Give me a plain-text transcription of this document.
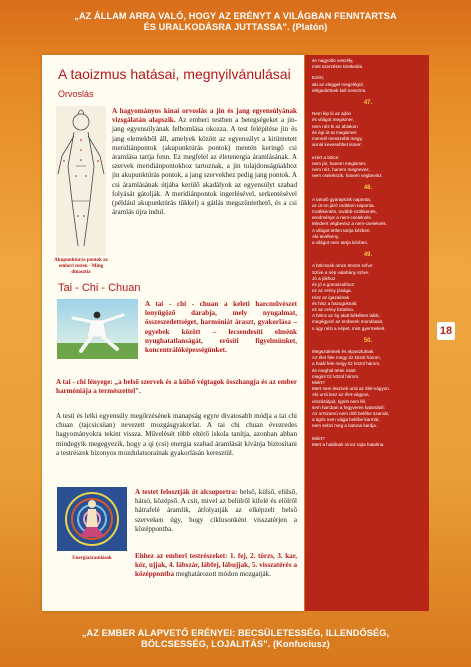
„AZ ÁLLAM ARRA VALÓ, HOGY AZ ERÉNYT A VILÁGBAN FENNTARTSA
ÉS URALKODÁSRA JUTTASSA". (Platón)
A taoizmus hatásai, megnyilvánulásai
Orvoslás
Akupunktúrás pontok az emberi testen - Ming dinasztia
A hagyományos kínai orvoslás a jin és jang egyensúlyának vizsgálatán alapszik. Az emberi testben a betegségeket a jin-jang egyensúlyának felbomlása okozza. A test felépítése jin és jang elemekből áll, amelyek között az egyensúlyt a kitüntetett meridiánpontok (akupunktúrás pontok) mentén keringő csi áramlása tartja fenn. Ez megfelel az életenergia áramlásának. A szervek meridiánpontokhoz tartoznak, a jin tulajdonságúakhoz jin akupunktúrás pontok, a jang szervekhez pedig jang pontok. A csi áramlásának útjába kerülő akadályok az egyensúlyt szabad folyását gátolják. A meridiánpontok ingerlésével, serkentésével (például akupunktúrás tűkkel) a gátlás megszüntethető, és a csi áramlás újra indul.
Tai - Chi - Chuan
A tai - chi - chuan a keleti harcművészet lenyűgöző darabja, mely nyugalmat, összeszedettséget, harmóniát áraszt, gyakorlása – egyebek között – lecsendesíti elménk nyughatatlanságát, erősíti figyelmünket, koncentrálóképességünket.
A tai - chi lényege: „a belső szervek és a külső végtagok összhangja és az ember harmóniája a természettel".
A testi és lelki egyensúly megőrzésének manapság egyre divatosabb módja a tai chi chuan (tajcsicsüan) nevezett mozgásgyakorlat. A tai chi chuan évezredes hagyományokra tekint vissza. Művelését több eltérő iskola tanítja, azonban abban mindegyik megegyezik, hogy a qi (csi) energia szabad áramlását kívánja biztosítani a testrészek bizonyos mozdulatsorainak gyakorlásán keresztül.
Energiaáramlások
A testet felosztják öt alcsoportra: belső, külső, elülső, hátsó, középső. A csit, mivel az belülről kifelé és elölről hátrafelé áramlik, átfolyatják az elképzelt belső szerveken úgy, hogy ciklusonként visszatérjen a középpontba.
Ehhez az emberi testrészeket: 1. fej, 2. törzs, 3. kar, kéz, ujjak, 4. lábszár, lábfej, lábujjak, 5. visszatérés a középpontba meghatározott módon mozgatják.

se nagyobb veszély,
mint szerzésre törekedni.

Ezért,
aki az eleggel megelégül,
elégedettnek kell neveznü.

47.

Nem lép ki az ajtón
és világot megismer,
nem néz ki az ablakon
és égi út-at megismer;
mennél messzebb megy,
annál kevesebbet ismer:

ezért a bölcs:
nem jár, hanem megismer,
nem néz, hanem megnevez,
nem cselekszik, hanem végbevisz.

48.

A tanuló gyarapszik naponta;
az út-on járó csökken naponta.
Csökkentés, tovább-csökkenés,
eredménye a nem-cselekvés.
Mindent végbevisz a nem-cselekvés.
A világot tetlen tartja kézben.
Aki tevékeny,
a világot nem tartja kézben.

49.

A bölcsnek nincs önnön szíve:
Szíve a nép valahány szíve.
Jó a jókhoz
és jó a gonoszokhoz:
ez az erény jósága.
Hisz az igazaknak
és hisz a hazugoknak:
ez az erény bizalma.
A bölcs az ég alatt békében lakik,
megégyezi az emberek mondásait,
s úgy nézi a népet, mint gyermekeit.

50.

Megszületnek és elpusztulnak.
Az élet fele megy tíz közül három,
a halál fele megy tíz közül három,
és meghal tettei miatt
megint tíz közül három.
Miért?
Mert nem lesznek urrá az élet-vágyon.
Aki urrá lesz az élet-vágyon,
orszázútjait, tigrist nem fél,
sem harcban a fegyveres katonától:
Az orrszarvú nem döfi belébe szarvát,
a tigris nem vágja belébe karmát,
nem sebzi meg a katona kardja.

Miért?
Mert a halálnak nincs rajta hatalma.

18
„AZ EMBER ALAPVETŐ ERÉNYEI: BECSÜLETESSÉG, ILLENDŐSÉG,
BÖLCSESSÉG, LOJALITÁS". (Konfuciusz)
